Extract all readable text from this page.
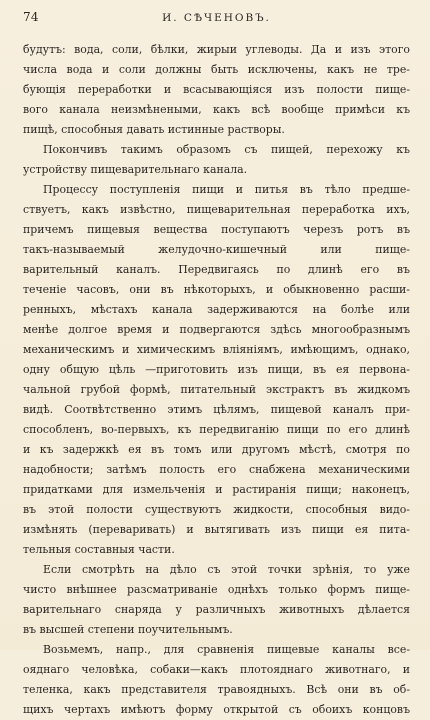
74	И. СѢЧЕНОВЪ.

будутъ: вода, соли, бѣлки, жирыи углеводы. Да и изъ этого
числа вода и соли должны быть исключены, какъ не тре-
бующія переработки и всасывающіяся изъ полости пище-
вого канала неизмѣнеными, какъ всѣ вообще примѣси къ
пищѣ, способныя давать истинные растворы.

Покончивъ такимъ образомъ съ пищей, перехожу къ
устройству пищеварительнаго канала.

Процессу поступленія пищи и питья въ тѣло предше-
ствуетъ, какъ извѣстно, пищеварительная переработка ихъ,
причемъ пищевыя вещества поступаютъ черезъ ротъ въ
такъ-называемый желудочно-кишечный или пище-
варительный каналъ. Передвигаясь по длинѣ его въ
теченіе часовъ, они въ нѣкоторыхъ, и обыкновенно расши-
ренныхъ, мѣстахъ канала задерживаются на болѣе или
менѣе долгое время и подвергаются здѣсь многообразнымъ
механическимъ и химическимъ вліяніямъ, имѣющимъ, однако,
одну общую цѣль —приготовить изъ пищи, въ ея первона-
чальной грубой формѣ, питательный экстрактъ въ жидкомъ
видѣ. Соотвѣтственно этимъ цѣлямъ, пищевой каналъ при-
способленъ, во-первыхъ, къ передвиганію пищи по его длинѣ
и къ задержкѣ ея въ томъ или другомъ мѣстѣ, смотря по
надобности; затѣмъ полость его снабжена механическими
придатками для измельченія и растиранія пищи; наконецъ,
въ этой полости существуютъ жидкости, способныя видо-
измѣнять (переваривать) и вытягивать изъ пищи ея пита-
тельныя составныя части.

Если смотрѣть на дѣло съ этой точки зрѣнія, то уже
чисто внѣшнее разсматриваніе однѣхъ только формъ пище-
варительнаго снаряда у различныхъ животныхъ дѣлается
въ высшей степени поучительнымъ.

Возьмемъ, напр., для сравненія пищевые каналы все-
ояднаго человѣка, собаки—какъ плотояднаго животнаго, и
теленка, какъ представителя травоядныхъ. Всѣ они въ об-
щихъ чертахъ имѣютъ форму открытой съ обоихъ концовъ
